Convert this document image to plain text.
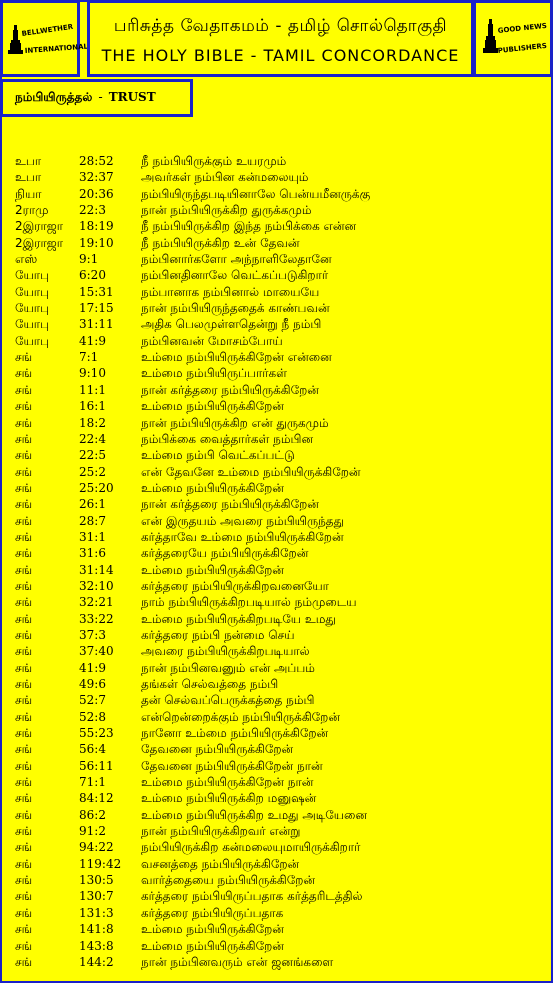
BELLWETHER
INTERNATIONAL
பரிசுத்த வேதாகமம் - தமிழ் சொல்தொகுதி
THE HOLY BIBLE - TAMIL CONCORDANCE
GOOD NEWS
PUBLISHERS
நம்பியிருத்தல் - TRUST
உபா	28:52 நீ நம்பியிருக்கும் உயரமும்
உபா	32:37 அவர்கள் நம்பின கன்மலையும்
நியா	20:36 நம்பியிருந்தபடியினாலே பென்யமீனருக்கு
2ராமு	22:3	நான் நம்பியிருக்கிற துருக்கமும்
2இராஜா 18:19 நீ நம்பியிருக்கிற இந்த நம்பிக்கை என்ன
2இராஜா 19:10 நீ நம்பியிருக்கிற உன் தேவன்
எஸ்	9:1	நம்பினார்களோ அந்நாளிலேதானே
யோபு 6:20	நம்பினதினாலே வெட்கப்படுகிறார்
யோபு 15:31 நம்பானாக நம்பினால் மாயையே
யோபு 17:15 நான் நம்பியிருந்ததைக் காண்பவன்
யோபு 31:11 அதிக பெலமுள்ளதென்று நீ நம்பி
யோபு 41:9	நம்பினவன் மோசம்போய்
சங்	7:1	உம்மை நம்பியிருக்கிறேன் என்னை
சங்	9:10	உம்மை நம்பியிருப்பார்கள்
சங்	11:1	நான் கர்த்தரை நம்பியிருக்கிறேன்
சங்	16:1	உம்மை நம்பியிருக்கிறேன்
சங்	18:2	நான் நம்பியிருக்கிற என் துருகமும்
சங்	22:4	நம்பிக்கை வைத்தார்கள் நம்பின
சங்	22:5	உம்மை நம்பி வெட்கப்பட்டு
சங்	25:2	என் தேவனே உம்மை நம்பியிருக்கிறேன்
சங்	25:20 உம்மை நம்பியிருக்கிறேன்
சங்	26:1	நான் கர்த்தரை நம்பியிருக்கிறேன்
சங்	28:7	என் இருதயம் அவரை நம்பியிருந்தது
சங்	31:1	கர்த்தாவே உம்மை நம்பியிருக்கிறேன்
சங்	31:6	கர்த்தரையே நம்பியிருக்கிறேன்
சங்	31:14 உம்மை நம்பியிருக்கிறேன்
சங்	32:10 கர்த்தரை நம்பியிருக்கிறவனையோ
சங்	32:21 நாம் நம்பியிருக்கிறபடியால் நம்முடைய
சங்	33:22 உம்மை நம்பியிருக்கிறபடியே உமது
சங்	37:3	கர்த்தரை நம்பி நன்மை செய்
சங்	37:40 அவரை நம்பியிருக்கிறபடியால்
சங்	41:9	நான் நம்பினவனும் என் அப்பம்
சங்	49:6	தங்கள் செல்வத்தை நம்பி
சங்	52:7	தன் செல்வப்பெருக்கத்தை நம்பி
சங்	52:8	என்றென்றைக்கும் நம்பியிருக்கிறேன்
சங்	55:23 நானோ உம்மை நம்பியிருக்கிறேன்
சங்	56:4	தேவனை நம்பியிருக்கிறேன்
சங்	56:11 தேவனை நம்பியிருக்கிறேன் நான்
சங்	71:1	உம்மை நம்பியிருக்கிறேன் நான்
சங்	84:12 உம்மை நம்பியிருக்கிற மனுஷன்
சங்	86:2	உம்மை நம்பியிருக்கிற உமது அடியேனை
சங்	91:2	நான் நம்பியிருக்கிறவர் என்று
சங்	94:22 நம்பியிருக்கிற கன்மலையுமாயிருக்கிறார்
சங்	119:42 வசனத்தை நம்பியிருக்கிறேன்
சங்	130:5 வார்த்தையை நம்பியிருக்கிறேன்
சங்	130:7 கர்த்தரை நம்பியிருப்பதாக கர்த்தரிடத்தில்
சங்	131:3 கர்த்தரை நம்பியிருப்பதாக
சங்	141:8 உம்மை நம்பியிருக்கிறேன்
சங்	143:8 உம்மை நம்பியிருக்கிறேன்
சங்	144:2 நான் நம்பினவரும் என் ஜனங்களை
